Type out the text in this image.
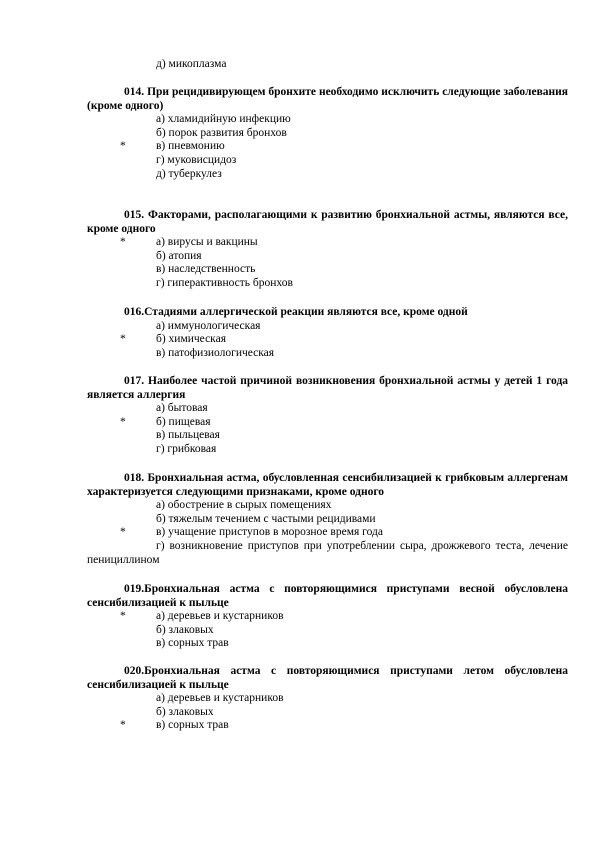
д) микоплазма
014. При рецидивирующем бронхите необходимо исключить следующие заболевания (кроме одного)
а) хламидийную инфекцию
б) порок развития бронхов
*	в) пневмонию
г) муковисцидоз
д) туберкулез
015. Факторами, располагающими к развитию бронхиальной астмы, являются все, кроме одного
*	а) вирусы и вакцины
б) атопия
в) наследственность
г) гиперактивность бронхов
016.Стадиями аллергической реакции являются все, кроме одной
а) иммунологическая
*	б) химическая
в) патофизиологическая
017. Наиболее частой причиной возникновения бронхиальной астмы у детей 1 года является аллергия
а) бытовая
*	б) пищевая
в) пыльцевая
г) грибковая
018. Бронхиальная астма, обусловленная сенсибилизацией к грибковым аллергенам характеризуется следующими признаками, кроме одного
а) обострение в сырых помещениях
б) тяжелым течением с частыми рецидивами
*	в) учащение приступов в морозное время года
г) возникновение приступов при употреблении сыра, дрожжевого теста, лечение пенициллином
019.Бронхиальная астма с повторяющимися приступами весной обусловлена сенсибилизацией к пыльце
*	а) деревьев и кустарников
б) злаковых
в) сорных трав
020.Бронхиальная астма с повторяющимися приступами летом обусловлена сенсибилизацией к пыльце
а) деревьев и кустарников
б) злаковых
*	в) сорных трав
